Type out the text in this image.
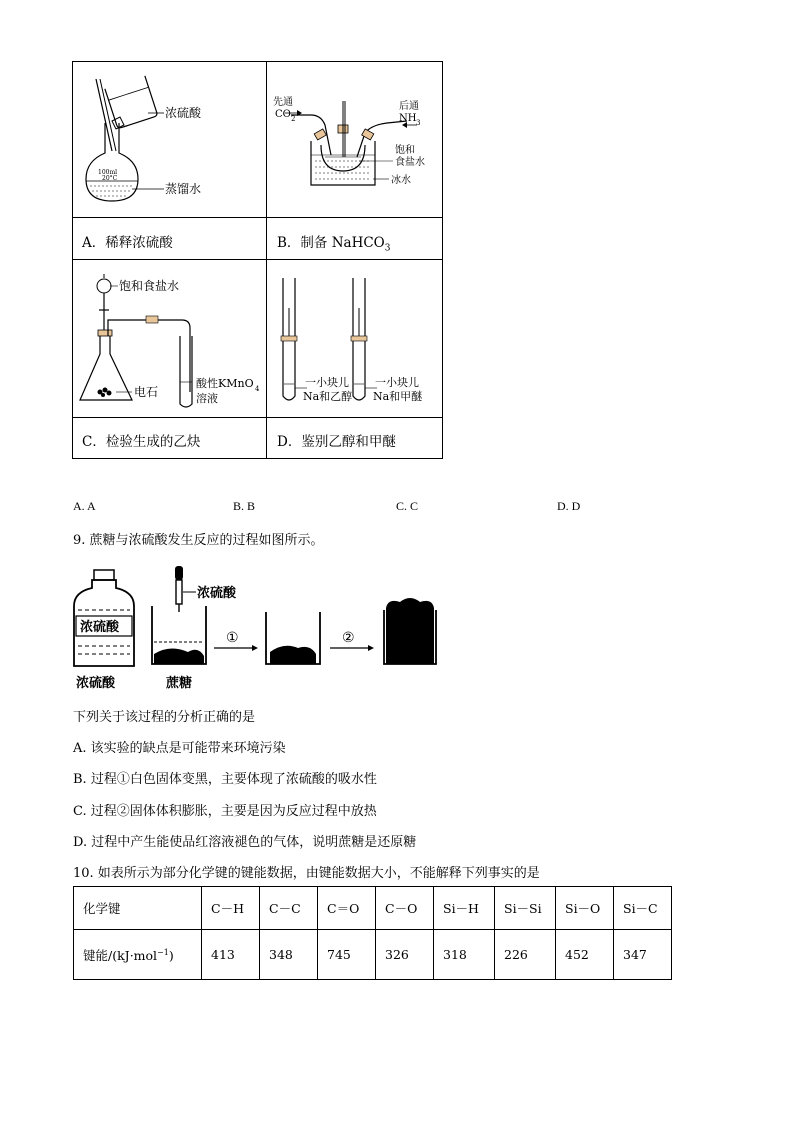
浓硫酸
蒸馏水
100ml
20°C
先通
CO 2
后通
NH 3
饱和
食盐水
冰水
饱和食盐水
电石
酸性KMnO 4
溶液
一小块儿
Na和乙醇
一小块儿
Na和甲醚
A．稀释浓硫酸	B．制备 NaHCO$_3$
C．检验生成的乙炔	D．鉴别乙醇和甲醚
A. A	B. B	C. C	D. D
9. 蔗糖与浓硫酸发生反应的过程如图所示。
浓硫酸
浓硫酸
浓硫酸
蔗糖
①	②
下列关于该过程的分析正确的是
A. 该实验的缺点是可能带来环境污染
B. 过程①白色固体变黑，主要体现了浓硫酸的吸水性
C. 过程②固体体积膨胀，主要是因为反应过程中放热
D. 过程中产生能使品红溶液褪色的气体，说明蔗糖是还原糖
10. 如表所示为部分化学键的键能数据，由键能数据大小，不能解释下列事实的是
化学键	C－H	C－C	C＝O	C－O	Si－H	Si－Si	Si－O	Si－C
键能/(kJ·mol$^{-1}$)	413	348	745	326	318	226	452	347
